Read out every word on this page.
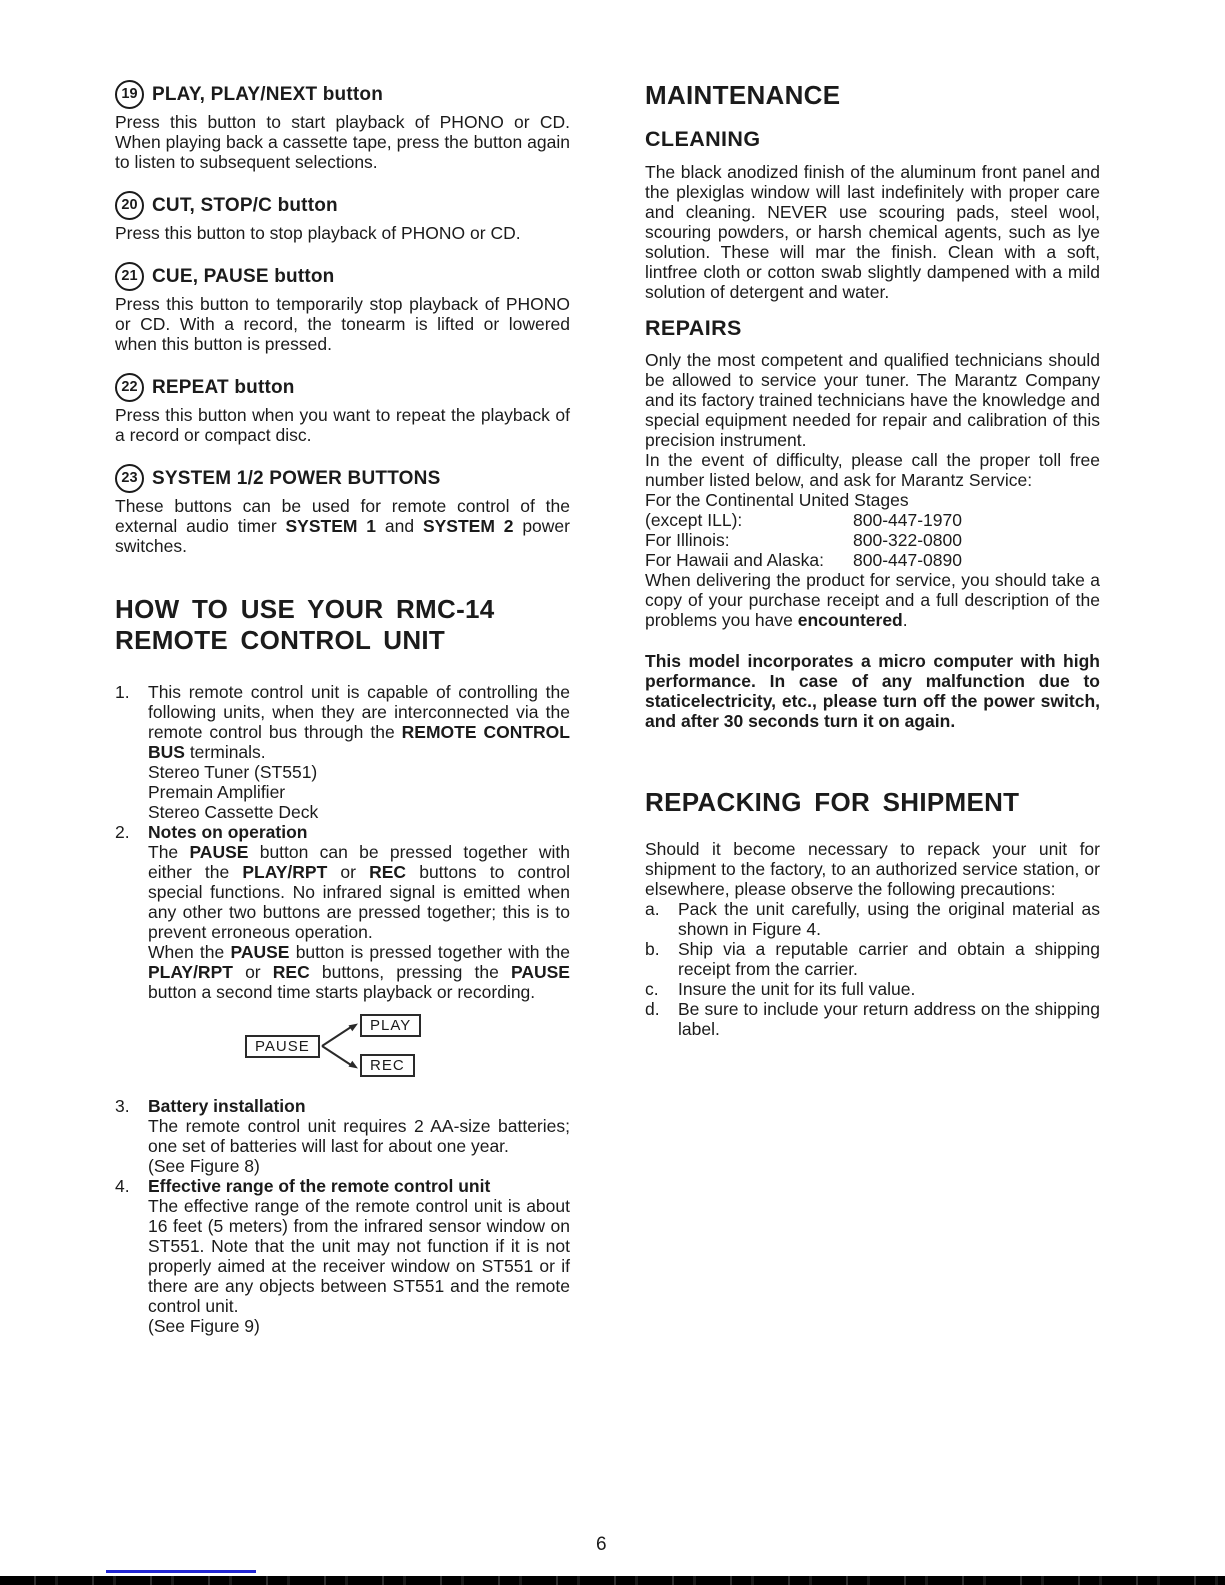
19 PLAY, PLAY/NEXT button
Press this button to start playback of PHONO or CD. When playing back a cassette tape, press the button again to listen to subsequent selections.
20 CUT, STOP/C button
Press this button to stop playback of PHONO or CD.
21 CUE, PAUSE button
Press this button to temporarily stop playback of PHONO or CD. With a record, the tonearm is lifted or lowered when this button is pressed.
22 REPEAT button
Press this button when you want to repeat the playback of a record or compact disc.
23 SYSTEM 1/2 POWER BUTTONS
These buttons can be used for remote control of the external audio timer SYSTEM 1 and SYSTEM 2 power switches.
HOW TO USE YOUR RMC-14 REMOTE CONTROL UNIT
1.	This remote control unit is capable of controlling the following units, when they are interconnected via the remote control bus through the REMOTE CONTROL BUS terminals.
Stereo Tuner (ST551)
Premain Amplifier
Stereo Cassette Deck
2.	Notes on operation
The PAUSE button can be pressed together with either the PLAY/RPT or REC buttons to control special functions. No infrared signal is emitted when any other two buttons are pressed together; this is to prevent erroneous operation.
When the PAUSE button is pressed together with the PLAY/RPT or REC buttons, pressing the PAUSE button a second time starts playback or recording.
PAUSE
PLAY
REC
3.	Battery installation
The remote control unit requires 2 AA-size batteries; one set of batteries will last for about one year.
(See Figure 8)
4.	Effective range of the remote control unit
The effective range of the remote control unit is about 16 feet (5 meters) from the infrared sensor window on ST551. Note that the unit may not function if it is not properly aimed at the receiver window on ST551 or if there are any objects between ST551 and the remote control unit.
(See Figure 9)
MAINTENANCE
CLEANING
The black anodized finish of the aluminum front panel and the plexiglas window will last indefinitely with proper care and cleaning. NEVER use scouring pads, steel wool, scouring powders, or harsh chemical agents, such as lye solution. These will mar the finish. Clean with a soft, lintfree cloth or cotton swab slightly dampened with a mild solution of detergent and water.
REPAIRS
Only the most competent and qualified technicians should be allowed to service your tuner. The Marantz Company and its factory trained technicians have the knowledge and special equipment needed for repair and calibration of this precision instrument.
In the event of difficulty, please call the proper toll free number listed below, and ask for Marantz Service:
For the Continental United Stages
(except ILL):	800-447-1970
For Illinois:	800-322-0800
For Hawaii and Alaska:	800-447-0890
When delivering the product for service, you should take a copy of your purchase receipt and a full description of the problems you have encountered.
This model incorporates a micro computer with high performance. In case of any malfunction due to staticelectricity, etc., please turn off the power switch, and after 30 seconds turn it on again.
REPACKING FOR SHIPMENT
Should it become necessary to repack your unit for shipment to the factory, to an authorized service station, or elsewhere, please observe the following precautions:
a.	Pack the unit carefully, using the original material as shown in Figure 4.
b.	Ship via a reputable carrier and obtain a shipping receipt from the carrier.
c.	Insure the unit for its full value.
d.	Be sure to include your return address on the shipping label.
6
